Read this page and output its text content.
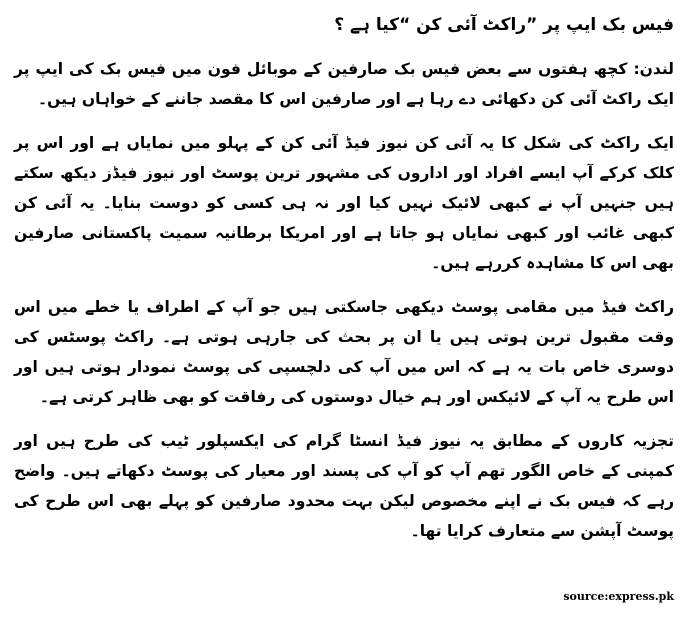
فیس بک ایپ پر ”راکٹ آئی کن “کیا ہے ؟

لندن: کچھ ہفتوں سے بعض فیس بک صارفین کے موبائل فون میں فیس بک کی ایپ پر ایک راکٹ آئی کن دکھائی دے رہا ہے اور صارفین اس کا مقصد جاننے کے خواہاں ہیں۔

ایک راکٹ کی شکل کا یہ آئی کن نیوز فیڈ آئی کن کے پہلو میں نمایاں ہے اور اس پر کلک کرکے آپ ایسے افراد اور اداروں کی مشہور ترین پوسٹ اور نیوز فیڈز دیکھ سکتے ہیں جنہیں آپ نے کبھی لائیک نہیں کیا اور نہ ہی کسی کو دوست بنایا۔ یہ آئی کن کبھی غائب اور کبھی نمایاں ہو جاتا ہے اور امریکا برطانیہ سمیت پاکستانی صارفین بھی اس کا مشاہدہ کررہے ہیں۔

راکٹ فیڈ میں مقامی پوسٹ دیکھی جاسکتی ہیں جو آپ کے اطراف یا خطے میں اس وقت مقبول ترین ہوتی ہیں یا ان پر بحث کی جارہی ہوتی ہے۔ راکٹ پوسٹس کی دوسری خاص بات یہ ہے کہ اس میں آپ کی دلچسپی کی پوسٹ نمودار ہوتی ہیں اور اس طرح یہ آپ کے لائیکس اور ہم خیال دوستوں کی رفاقت کو بھی ظاہر کرتی ہے۔

تجزیہ کاروں کے مطابق یہ نیوز فیڈ انسٹا گرام کی ایکسپلور ٹیب کی طرح ہیں اور کمپنی کے خاص الگور تھم آپ کو آپ کی پسند اور معیار کی پوسٹ دکھاتے ہیں۔ واضح رہے کہ فیس بک نے اپنے مخصوص لیکن بہت محدود صارفین کو پہلے بھی اس طرح کی پوسٹ آپشن سے متعارف کرایا تھا۔

source:express.pk
